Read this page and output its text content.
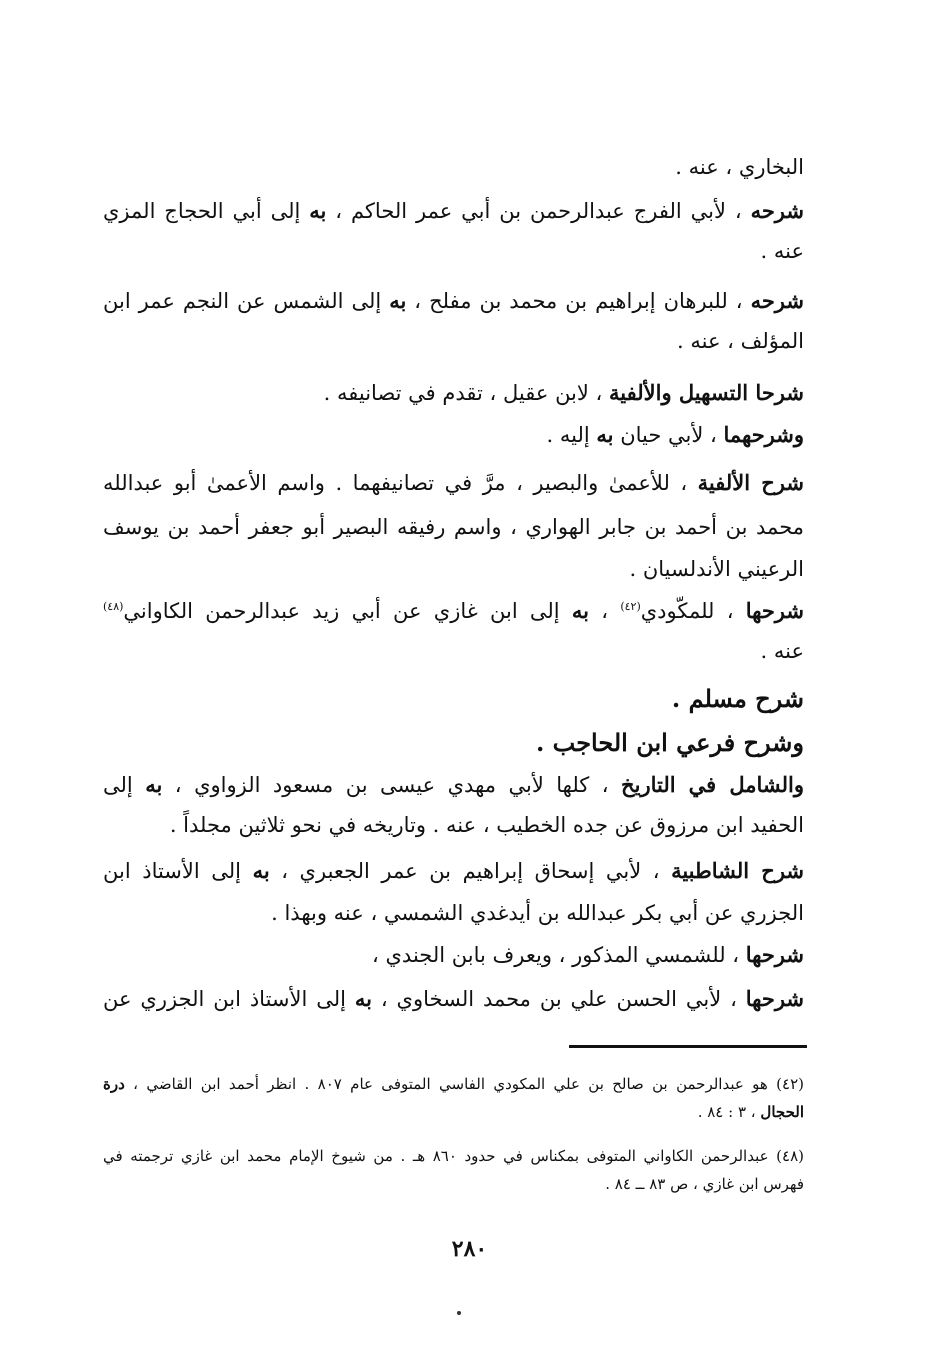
البخاري ، عنه .
شرحه ، لأبي الفرج عبدالرحمن بن أبي عمر الحاكم ، به إلى أبي الحجاج المزي
عنه .
شرحه ، للبرهان إبراهيم بن محمد بن مفلح ، به إلى الشمس عن النجم عمر ابن
المؤلف ، عنه .
شرحا التسهيل والألفية ، لابن عقيل ، تقدم في تصانيفه .
وشرحهما ، لأبي حيان به إليه .
شرح الألفية ، للأعمىٰ والبصير ، مرَّ في تصانيفهما . واسم الأعمىٰ أبو عبدالله
محمد بن أحمد بن جابر الهواري ، واسم رفيقه البصير أبو جعفر أحمد بن يوسف
الرعيني الأندلسيان .
شرحها ، للمكّودي$^{(٤٢)}$ ، به إلى ابن غازي عن أبي زيد عبدالرحمن الكاواني$^{(٤٨)}$
عنه .
شرح مسلم .
وشرح فرعي ابن الحاجب .
والشامل في التاريخ ، كلها لأبي مهدي عيسى بن مسعود الزواوي ، به إلى
الحفيد ابن مرزوق عن جده الخطيب ، عنه . وتاريخه في نحو ثلاثين مجلداً .
شرح الشاطبية ، لأبي إسحاق إبراهيم بن عمر الجعبري ، به إلى الأستاذ ابن
الجزري عن أبي بكر عبدالله بن أيدغدي الشمسي ، عنه وبهذا .
شرحها ، للشمسي المذكور ، ويعرف بابن الجندي ،
شرحها ، لأبي الحسن علي بن محمد السخاوي ، به إلى الأستاذ ابن الجزري عن
(٤٢) هو عبدالرحمن بن صالح بن علي المكودي الفاسي المتوفى عام ٨٠٧ . انظر أحمد ابن القاضي ، درة
الحجال ، ٣ : ٨٤ .
(٤٨) عبدالرحمن الكاواني المتوفى بمكناس في حدود ٨٦٠ هـ . من شيوخ الإمام محمد ابن غازي ترجمته في
فهرس ابن غازي ، ص ٨٣ ــ ٨٤ .
٢٨٠
